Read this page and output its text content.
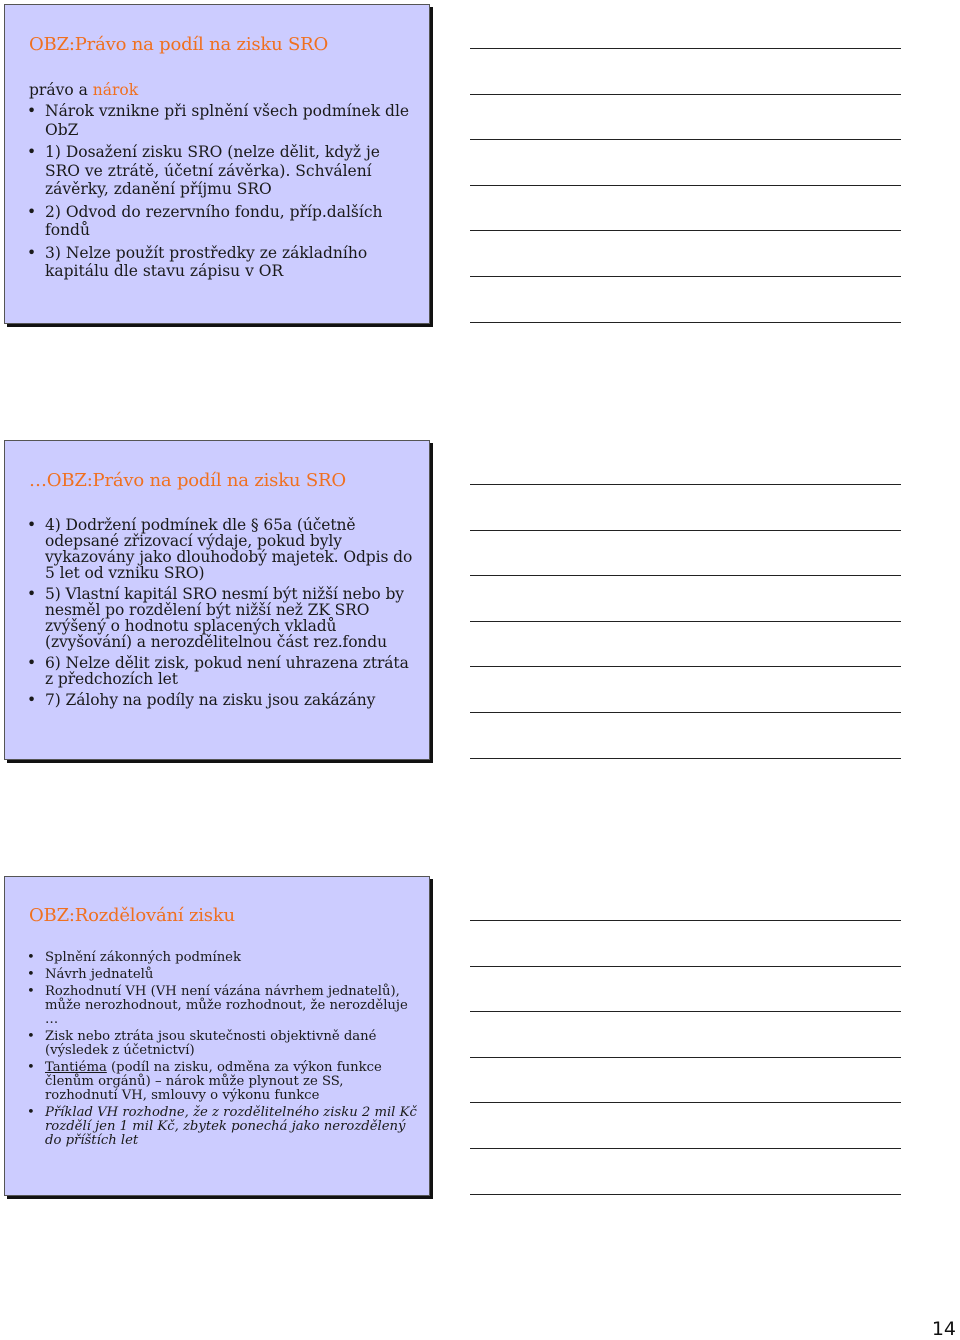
OBZ:Právo na podíl na zisku SRO
právo a nárok
• Nárok vznikne při splnění všech podmínek dle ObZ
• 1) Dosažení zisku SRO (nelze dělit, když je SRO ve ztrátě, účetní závěrka). Schválení závěrky, zdanění příjmu SRO
• 2) Odvod do rezervního fondu, příp.dalších fondů
• 3) Nelze použít prostředky ze základního kapitálu dle stavu zápisu v OR
…OBZ:Právo na podíl na zisku SRO
• 4) Dodržení podmínek dle § 65a (účetně odepsané zřizovací výdaje, pokud byly vykazovány jako dlouhodobý majetek. Odpis do 5 let od vzniku SRO)
• 5) Vlastní kapitál SRO nesmí být nižší nebo by nesměl po rozdělení být nižší než ZK SRO zvýšený o hodnotu splacených vkladů (zvyšování) a nerozdělitelnou část rez.fondu
• 6) Nelze dělit zisk, pokud není uhrazena ztráta z předchozích let
• 7) Zálohy na podíly na zisku jsou zakázány
OBZ:Rozdělování zisku
• Splnění zákonných podmínek
• Návrh jednatelů
• Rozhodnutí VH (VH není vázána návrhem jednatelů), může nerozhodnout, může rozhodnout, že nerozděluje …
• Zisk nebo ztráta jsou skutečnosti objektivně dané (výsledek z účetnictví)
• Tantiéma (podíl na zisku, odměna za výkon funkce členům orgánů) – nárok může plynout ze SS, rozhodnutí VH, smlouvy o výkonu funkce
• Příklad VH rozhodne, že z rozdělitelného zisku 2 mil Kč rozdělí jen 1 mil Kč, zbytek ponechá jako nerozdělený do příštích let
14
